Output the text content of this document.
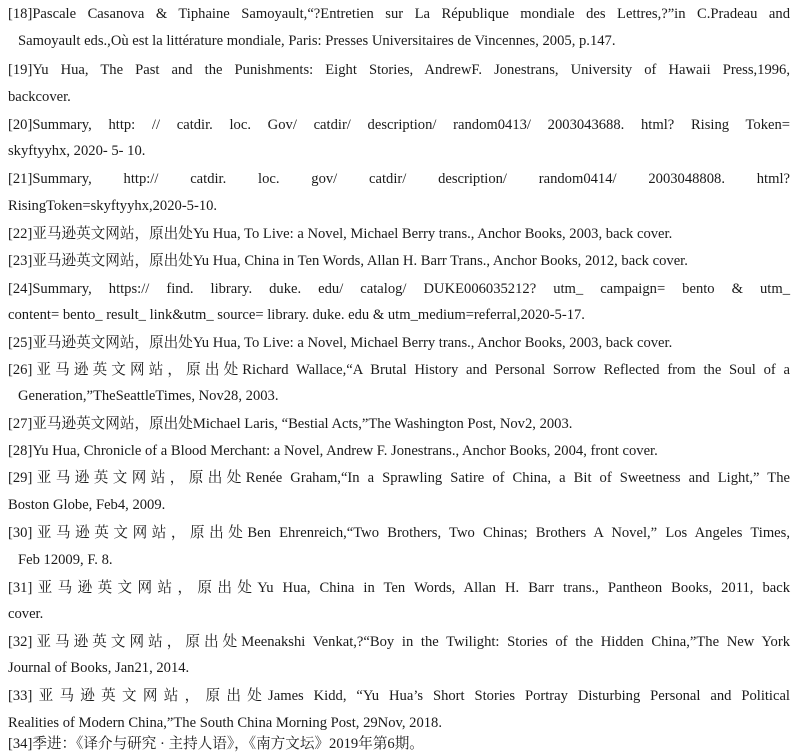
[18]Pascale Casanova & Tiphaine Samoyault,“?Entretien sur La République mondiale des Lettres,?”in C.Pradeau and
Samoyault eds.,Où est la littérature mondiale, Paris: Presses Universitaires de Vincennes, 2005, p.147.
[19]Yu Hua, The Past and the Punishments: Eight Stories, AndrewF. Jonestrans, University of Hawaii Press,1996,
backcover.
[20]Summary, http: // catdir. loc. Gov/ catdir/ description/ random0413/ 2003043688. html? Rising Token=
skyftyyhx, 2020- 5- 10.
[21]Summary, http:// catdir. loc. gov/ catdir/ description/ random0414/ 2003048808. html?
RisingToken=skyftyyhx,2020-5-10.
[22]亚马逊英文网站，原出处Yu Hua, To Live: a Novel, Michael Berry trans., Anchor Books, 2003, back cover.
[23]亚马逊英文网站，原出处Yu Hua, China in Ten Words, Allan H. Barr Trans., Anchor Books, 2012, back cover.
[24]Summary, https:// find. library. duke. edu/ catalog/ DUKE006035212? utm_ campaign= bento & utm_
content= bento_ result_ link&utm_ source= library. duke. edu & utm_medium=referral,2020-5-17.
[25]亚马逊英文网站，原出处Yu Hua, To Live: a Novel, Michael Berry trans., Anchor Books, 2003, back cover.
[26]亚马逊英文网站，原出处Richard Wallace,“A Brutal History and Personal Sorrow Reflected from the Soul of a
Generation,”TheSeattleTimes, Nov28, 2003.
[27]亚马逊英文网站，原出处Michael Laris, “Bestial Acts,”The Washington Post, Nov2, 2003.
[28]Yu Hua, Chronicle of a Blood Merchant: a Novel, Andrew F. Jonestrans., Anchor Books, 2004, front cover.
[29]亚马逊英文网站，原出处Renée Graham,“In a Sprawling Satire of China, a Bit of Sweetness and Light,” The
Boston Globe, Feb4, 2009.
[30]亚马逊英文网站，原出处Ben Ehrenreich,“Two Brothers, Two Chinas; Brothers A Novel,” Los Angeles Times,
Feb 12009, F. 8.
[31]亚马逊英文网站，原出处Yu Hua, China in Ten Words, Allan H. Barr trans., Pantheon Books, 2011, back
cover.
[32]亚马逊英文网站，原出处Meenakshi Venkat,?“Boy in the Twilight: Stories of the Hidden China,”The New York
Journal of Books, Jan21, 2014.
[33]亚马逊英文网站，原出处James Kidd, “Yu Hua’s Short Stories Portray Disturbing Personal and Political
Realities of Modern China,”The South China Morning Post, 29Nov, 2018.
[34]季进：《译介与研究 · 主持人语》，《南方文坛》2019年第6期。
